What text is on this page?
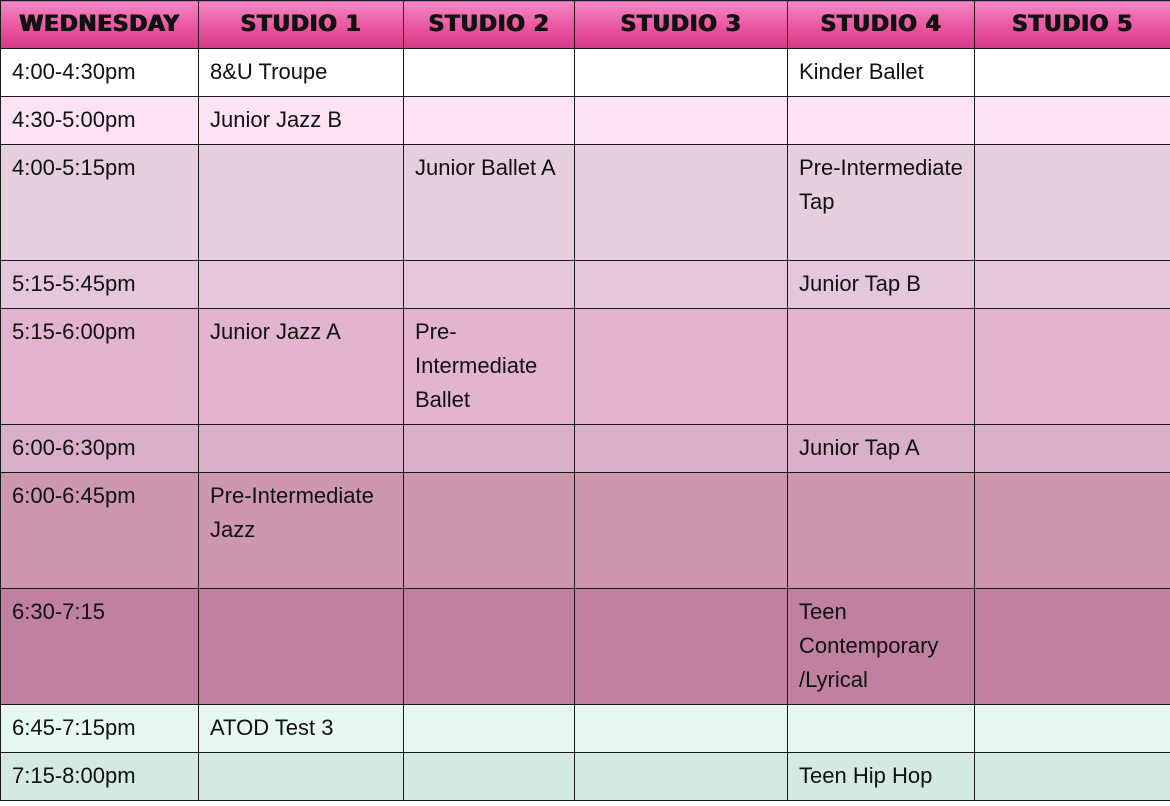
WEDNESDAY	STUDIO 1	STUDIO 2	STUDIO 3	STUDIO 4	STUDIO 5
4:00-4:30pm	8&U Troupe			Kinder Ballet	
4:30-5:00pm	Junior Jazz B				
4:00-5:15pm		Junior Ballet A		Pre-Intermediate Tap	
5:15-5:45pm				Junior Tap B	
5:15-6:00pm	Junior Jazz A	Pre-Intermediate Ballet			
6:00-6:30pm				Junior Tap A	
6:00-6:45pm	Pre-Intermediate Jazz				
6:30-7:15				Teen Contemporary /Lyrical	
6:45-7:15pm	ATOD Test 3				
7:15-8:00pm				Teen Hip Hop	
